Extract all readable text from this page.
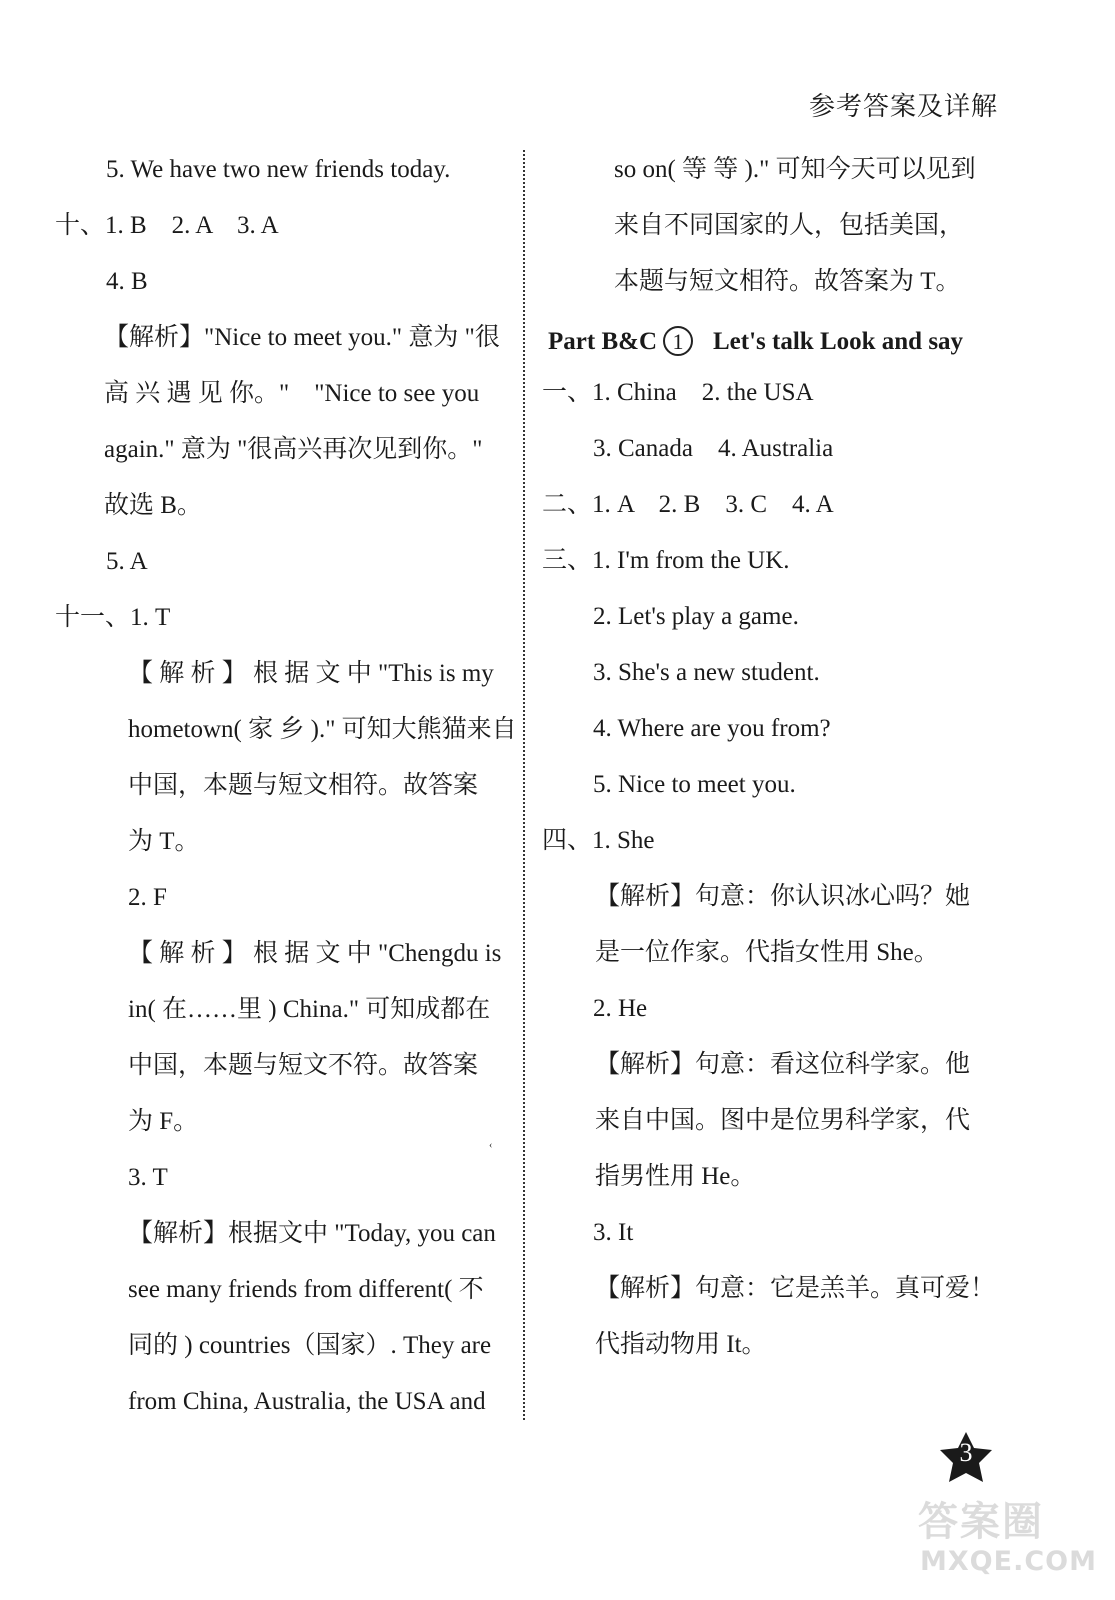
参考答案及详解
5. We have two new friends today.
十、1. B　2. A　3. A
4. B
【解析】"Nice to meet you." 意为 "很
高 兴 遇 见 你。"　"Nice to see you
again." 意为 "很高兴再次见到你。"
故选 B。
5. A
十一、1. T
【 解 析 】 根 据 文 中 "This is my
hometown( 家 乡 )." 可知大熊猫来自
中国，本题与短文相符。故答案
为 T。
2. F
【 解 析 】 根 据 文 中 "Chengdu is
in( 在……里 ) China." 可知成都在
中国，本题与短文不符。故答案
为 F。
3. T
【解析】根据文中 "Today, you can
see many friends from different( 不
同的 ) countries（国家）. They are
from China, Australia, the USA and
‹
so on( 等 等 )." 可知今天可以见到
来自不同国家的人，包括美国，
本题与短文相符。故答案为 T。
Part B&C 1 Let's talk Look and say
一、1. China　2. the USA
3. Canada　4. Australia
二、1. A　2. B　3. C　4. A
三、1. I'm from the UK.
2. Let's play a game.
3. She's a new student.
4. Where are you from?
5. Nice to meet you.
四、1. She
【解析】句意：你认识冰心吗？她
是一位作家。代指女性用 She。
2. He
【解析】句意：看这位科学家。他
来自中国。图中是位男科学家，代
指男性用 He。
3. It
【解析】句意：它是羔羊。真可爱！
代指动物用 It。
3
答案圈
MXQE.COM
